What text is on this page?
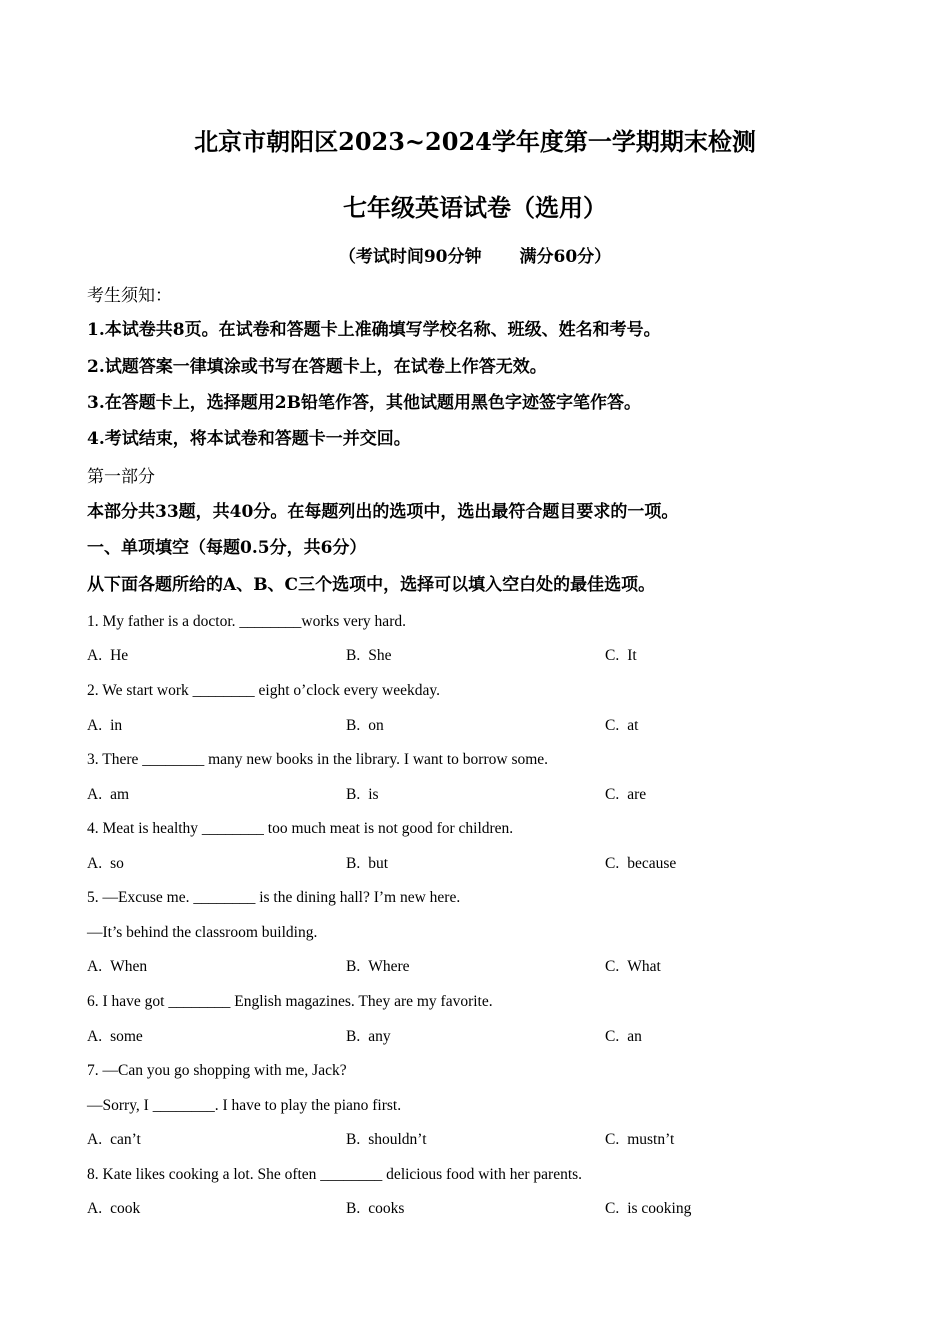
北京市朝阳区2023~2024学年度第一学期期末检测
七年级英语试卷（选用）
（考试时间90分钟 满分60分）
考生须知：
1.本试卷共8页。在试卷和答题卡上准确填写学校名称、班级、姓名和考号。
2.试题答案一律填涂或书写在答题卡上，在试卷上作答无效。
3.在答题卡上，选择题用2B铅笔作答，其他试题用黑色字迹签字笔作答。
4.考试结束，将本试卷和答题卡一并交回。
第一部分
本部分共33题，共40分。在每题列出的选项中，选出最符合题目要求的一项。
一、单项填空（每题0.5分，共6分）
从下面各题所给的A、B、C三个选项中，选择可以填入空白处的最佳选项。
1. My father is a doctor. ________works very hard.
A. He	B. She	C. It
2. We start work ________ eight o’clock every weekday.
A. in	B. on	C. at
3. There ________ many new books in the library. I want to borrow some.
A. am	B. is	C. are
4. Meat is healthy ________ too much meat is not good for children.
A. so	B. but	C. because
5. —Excuse me. ________ is the dining hall? I’m new here.
—It’s behind the classroom building.
A. When	B. Where	C. What
6. I have got ________ English magazines. They are my favorite.
A. some	B. any	C. an
7. —Can you go shopping with me, Jack?
—Sorry, I ________. I have to play the piano first.
A. can’t	B. shouldn’t	C. mustn’t
8. Kate likes cooking a lot. She often ________ delicious food with her parents.
A. cook	B. cooks	C. is cooking
